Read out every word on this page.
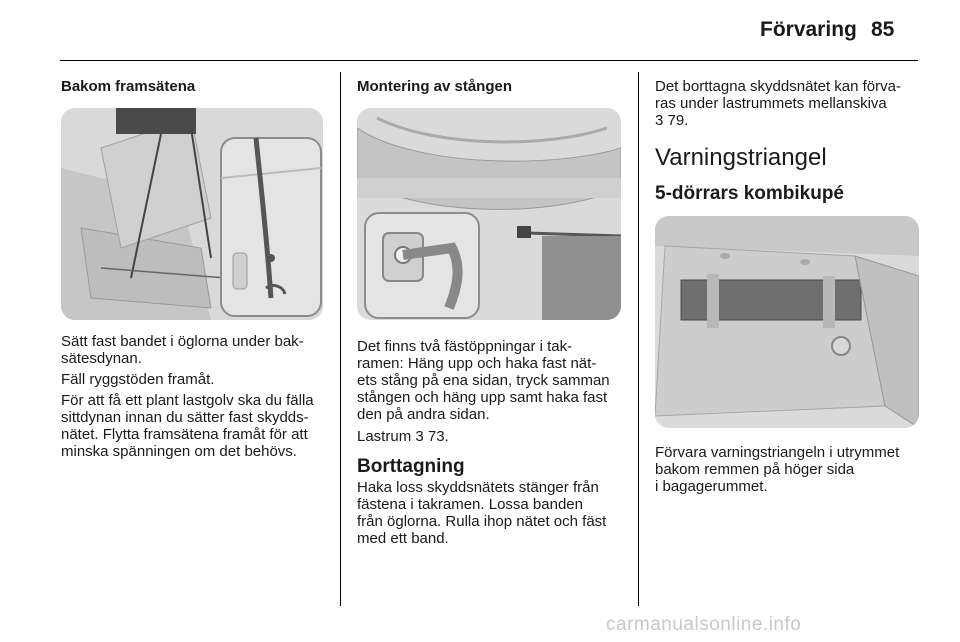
Förvaring 85
Bakom framsätena

Sätt fast bandet i öglorna under bak-
sätesdynan.

Fäll ryggstöden framåt.

För att få ett plant lastgolv ska du fälla
sittdynan innan du sätter fast skydds-
nätet. Flytta framsätena framåt för att
minska spänningen om det behövs.

Montering av stången

Det finns två fästöppningar i tak-
ramen: Häng upp och haka fast nät-
ets stång på ena sidan, tryck samman
stången och häng upp samt haka fast
den på andra sidan.

Lastrum 3 73.

Borttagning

Haka loss skyddsnätets stänger från
fästena i takramen. Lossa banden
från öglorna. Rulla ihop nätet och fäst
med ett band.

Det borttagna skyddsnätet kan förva-
ras under lastrummets mellanskiva
3 79.

Varningstriangel
5-dörrars kombikupé

Förvara varningstriangeln i utrymmet
bakom remmen på höger sida
i bagagerummet.

carmanualsonline.info
